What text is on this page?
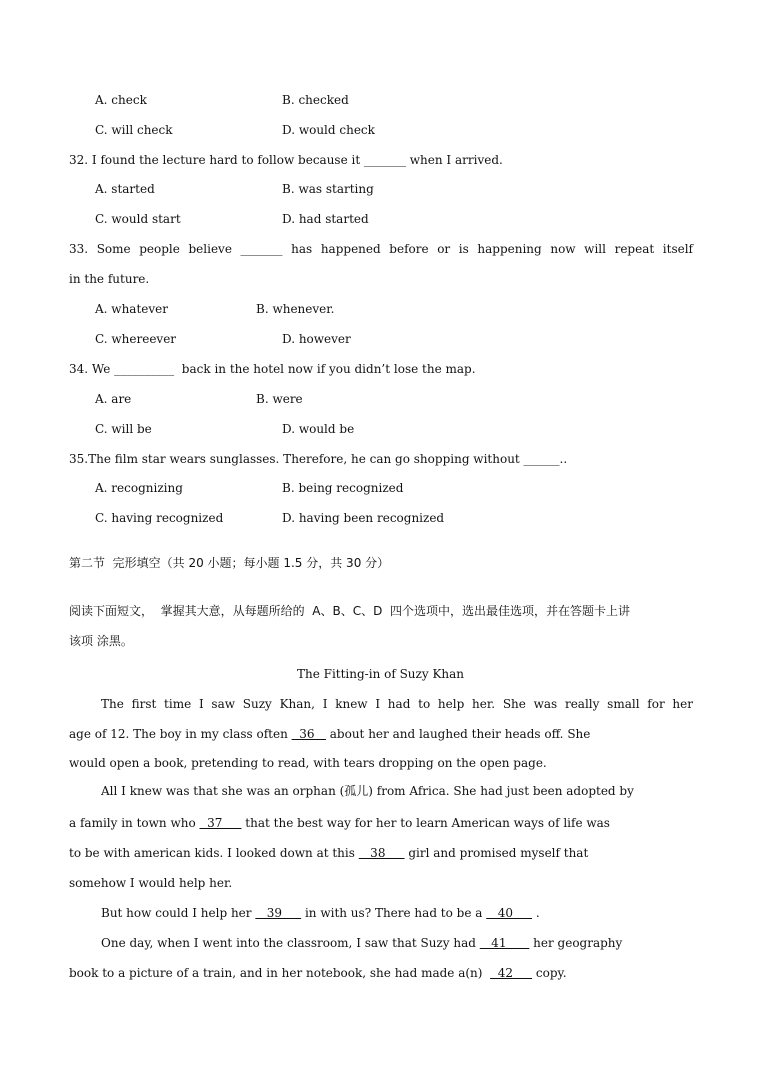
A. check	B. checked
C. will check	D. would check
32. I found the lecture hard to follow because it _______ when I arrived.
A. started	B. was starting
C. would start	D. had started
33. Some people believe _______ has happened before or is happening now will repeat itself
in the future.
A. whatever	B. whenever.
C. whereever	D. however
34. We __________  back in the hotel now if you didn’t lose the map.
A. are	B. were
C. will be	D. would be
35.The film star wears sunglasses. Therefore, he can go shopping without ______..
A. recognizing	B. being recognized
C. having recognized	D. having been recognized
第二节  完形填空（共 20 小题；每小题 1.5 分，共 30 分）
阅读下面短文，  掌握其大意，从每题所给的  A、B、C、D  四个选项中，选出最佳选项，并在答题卡上讲
该项 涂黑。
The Fitting-in of Suzy Khan
The first time I saw Suzy Khan, I knew I had to help her. She was really small for her
age of 12. The boy in my class often   36    about her and laughed their heads off. She
would open a book, pretending to read, with tears dropping on the open page.
All I knew was that she was an orphan (孤儿) from Africa. She had just been adopted by
a family in town who   37      that the best way for her to learn American ways of life was
to be with american kids. I looked down at this    38      girl and promised myself that
somehow I would help her.
But how could I help her    39      in with us? There had to be a    40      .
One day, when I went into the classroom, I saw that Suzy had    41       her geography
book to a picture of a train, and in her notebook, she had made a(n)    42      copy.
